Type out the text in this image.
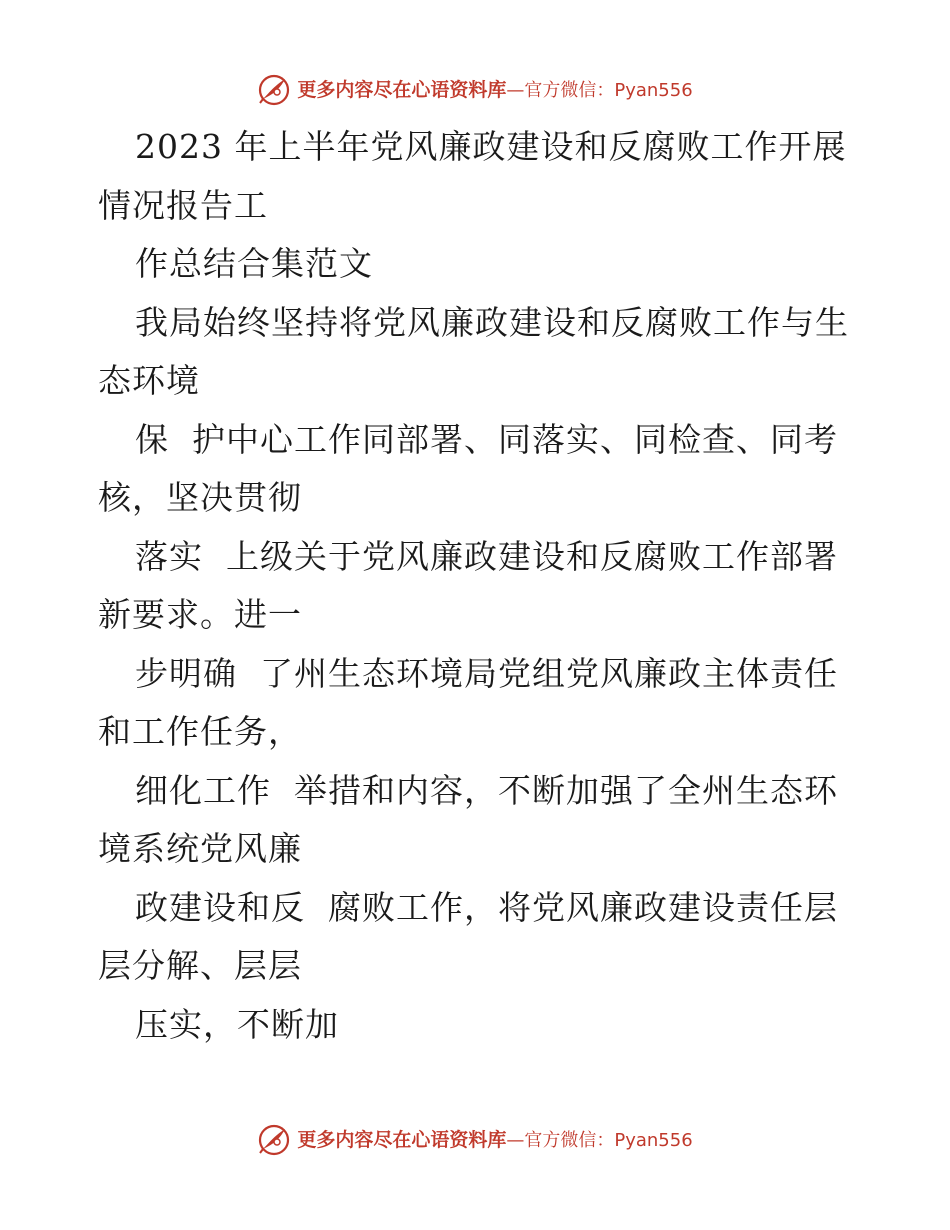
更多内容尽在心语资料库 —官方微信：Pyan556
2023 年上半年党风廉政建设和反腐败工作开展
情况报告工
作总结合集范文
我局始终坚持将党风廉政建设和反腐败工作与生
态环境
保  护中心工作同部署、同落实、同检查、同考
核，坚决贯彻
落实  上级关于党风廉政建设和反腐败工作部署
新要求。进一
步明确  了州生态环境局党组党风廉政主体责任
和工作任务，
细化工作  举措和内容，不断加强了全州生态环
境系统党风廉
政建设和反  腐败工作，将党风廉政建设责任层
层分解、层层
压实，不断加
更多内容尽在心语资料库 —官方微信：Pyan556
